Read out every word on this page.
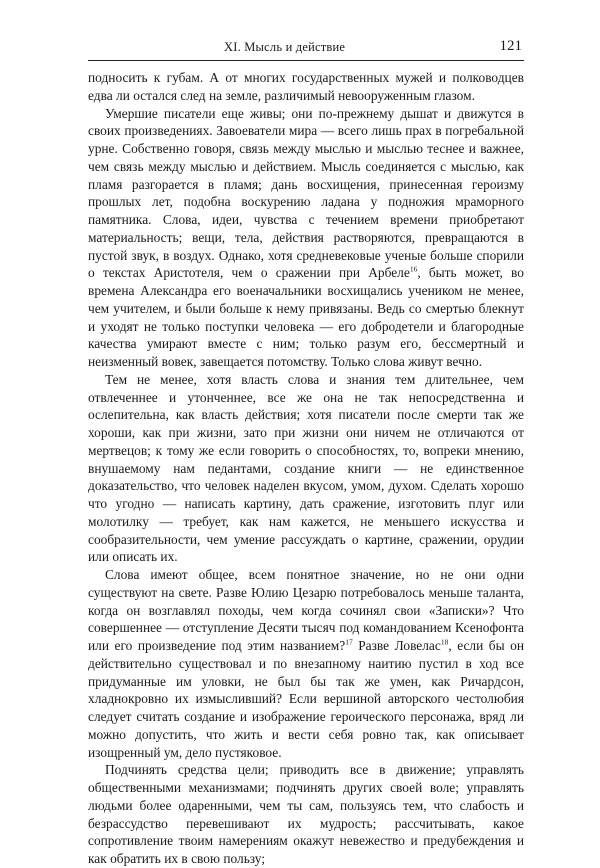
XI. Мысль и действие	121

подносить к губам. А от многих государственных мужей и полководцев едва ли остался след на земле, различимый невооруженным глазом.

Умершие писатели еще живы; они по-прежнему дышат и движутся в своих произведениях. Завоеватели мира — всего лишь прах в погребальной урне. Собственно говоря, связь между мыслью и мыслью теснее и важнее, чем связь между мыслью и действием. Мысль соединяется с мыслью, как пламя разгорается в пламя; дань восхищения, принесенная героизму прошлых лет, подобна воскурению ладана у подножия мраморного памятника. Слова, идеи, чувства с течением времени приобретают материальность; вещи, тела, действия растворяются, превращаются в пустой звук, в воздух. Однако, хотя средневековые ученые больше спорили о текстах Аристотеля, чем о сражении при Арбеле$^{16}$, быть может, во времена Александра его военачальники восхищались учеником не менее, чем учителем, и были больше к нему привязаны. Ведь со смертью блекнут и уходят не только поступки человека — его добродетели и благородные качества умирают вместе с ним; только разум его, бессмертный и неизменный вовек, завещается потомству. Только слова живут вечно.

Тем не менее, хотя власть слова и знания тем длительнее, чем отвлеченнее и утонченнее, все же она не так непосредственна и ослепительна, как власть действия; хотя писатели после смерти так же хороши, как при жизни, зато при жизни они ничем не отличаются от мертвецов; к тому же если говорить о способностях, то, вопреки мнению, внушаемому нам педантами, создание книги — не единственное доказательство, что человек наделен вкусом, умом, духом. Сделать хорошо что угодно — написать картину, дать сражение, изготовить плуг или молотилку — требует, как нам кажется, не меньшего искусства и сообразительности, чем умение рассуждать о картине, сражении, орудии или описать их.

Слова имеют общее, всем понятное значение, но не они одни существуют на свете. Разве Юлию Цезарю потребовалось меньше таланта, когда он возглавлял походы, чем когда сочинял свои «Записки»? Что совершеннее — отступление Десяти тысяч под командованием Ксенофонта или его произведение под этим названием?$^{17}$ Разве Ловелас$^{18}$, если бы он действительно существовал и по внезапному наитию пустил в ход все придуманные им уловки, не был бы так же умен, как Ричардсон, хладнокровно их измысливший? Если вершиной авторского честолюбия следует считать создание и изображение героического персонажа, вряд ли можно допустить, что жить и вести себя ровно так, как описывает изощренный ум, дело пустяковое.

Подчинять средства цели; приводить все в движение; управлять общественными механизмами; подчинять других своей воле; управлять людьми более одаренными, чем ты сам, пользуясь тем, что слабость и безрассудство перевешивают их мудрость; рассчитывать, какое сопротивление твоим намерениям окажут невежество и предубеждения и как обратить их в свою пользу;
